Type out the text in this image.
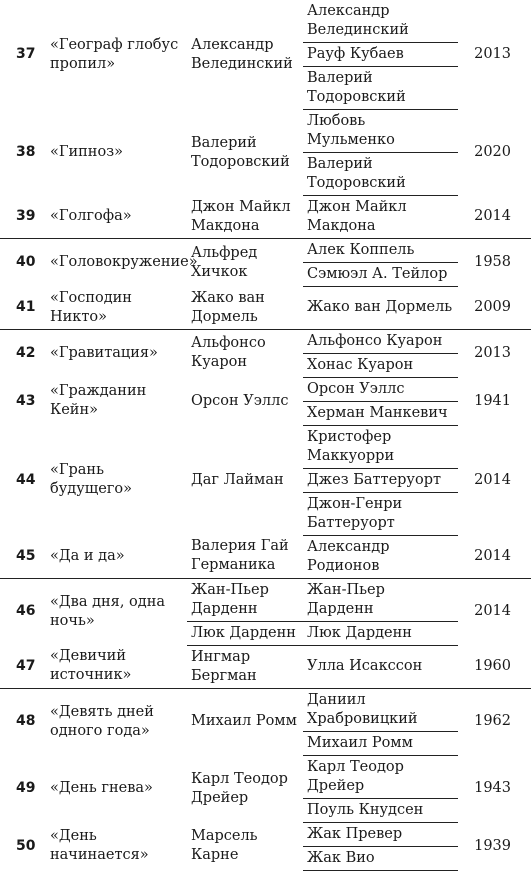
37	«Географ глобус пропил»	Александр Велединский	Александр Велединский	2013
			Рауф Кубаев	
			Валерий Тодоровский	
38	«Гипноз»	Валерий Тодоровский	Любовь Мульменко	2020
			Валерий Тодоровский	
39	«Голгофа»	Джон Майкл Макдона	Джон Майкл Макдона	2014
40	«Головокружение»	Альфред Хичкок	Алек Коппель	1958
			Сэмюэл А. Тейлор	
41	«Господин Никто»	Жако ван Дормель	Жако ван Дормель	2009
42	«Гравитация»	Альфонсо Куарон	Альфонсо Куарон	2013
			Хонас Куарон	
43	«Гражданин Кейн»	Орсон Уэллс	Орсон Уэллс	1941
			Херман Манкевич	
44	«Грань будущего»	Даг Лайман	Кристофер Маккуорри	2014
			Джез Баттеруорт	
			Джон-Генри Баттеруорт	
45	«Да и да»	Валерия Гай Германика	Александр Родионов	2014
46	«Два дня, одна ночь»	Жан-Пьер Дарденн	Жан-Пьер Дарденн	2014
		Люк Дарденн	Люк Дарденн	
47	«Девичий источник»	Ингмар Бергман	Улла Исакссон	1960
48	«Девять дней одного года»	Михаил Ромм	Даниил Храбровицкий	1962
			Михаил Ромм	
49	«День гнева»	Карл Теодор Дрейер	Карл Теодор Дрейер	1943
			Поуль Кнудсен	
50	«День начинается»	Марсель Карне	Жак Превер	1939
			Жак Вио	
